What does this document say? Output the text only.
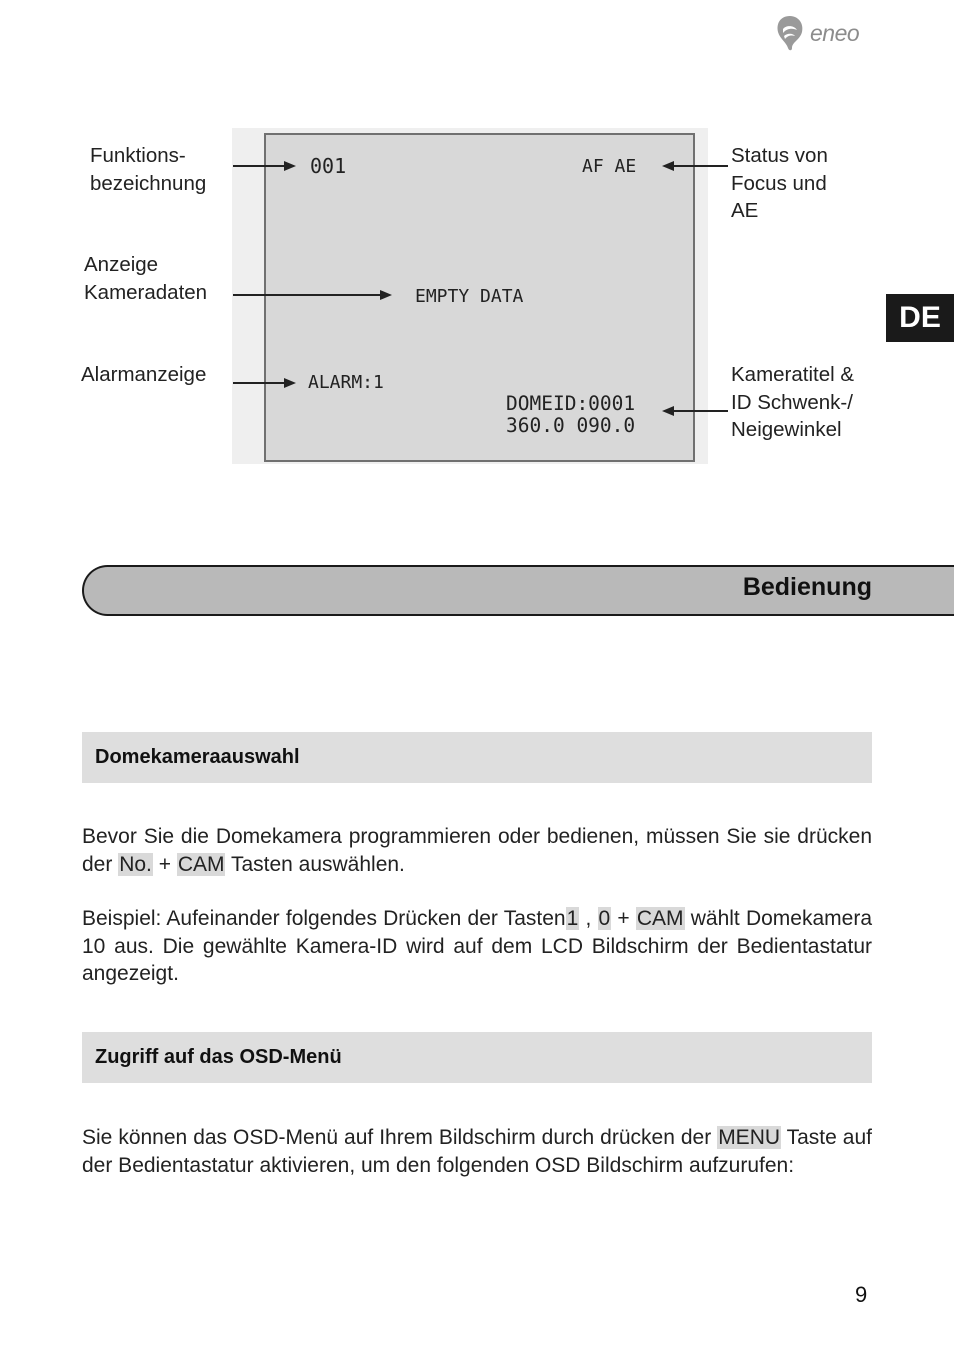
eneo
DE
001	AF AE
EMPTY DATA
ALARM:1
DOMEID:0001
360.0 090.0
Funktions-
bezeichnung
Anzeige
Kameradaten
Alarmanzeige
Status von
Focus und
AE
Kameratitel &
ID Schwenk-/
Neigewinkel
Bedienung
Domekameraauswahl
Bevor Sie die Domekamera programmieren oder bedienen, müssen Sie sie drücken der No. + CAM Tasten auswählen.
Beispiel: Aufeinander folgendes Drücken der Tasten1 , 0 + CAM wählt Domekamera 10 aus. Die gewählte Kamera-ID wird auf dem LCD Bildschirm der Bedientastatur angezeigt.
Zugriff auf das OSD-Menü
Sie können das OSD-Menü auf Ihrem Bildschirm durch drücken der MENU Taste auf der Bedientastatur aktivieren, um den folgenden OSD Bildschirm aufzurufen:
9
